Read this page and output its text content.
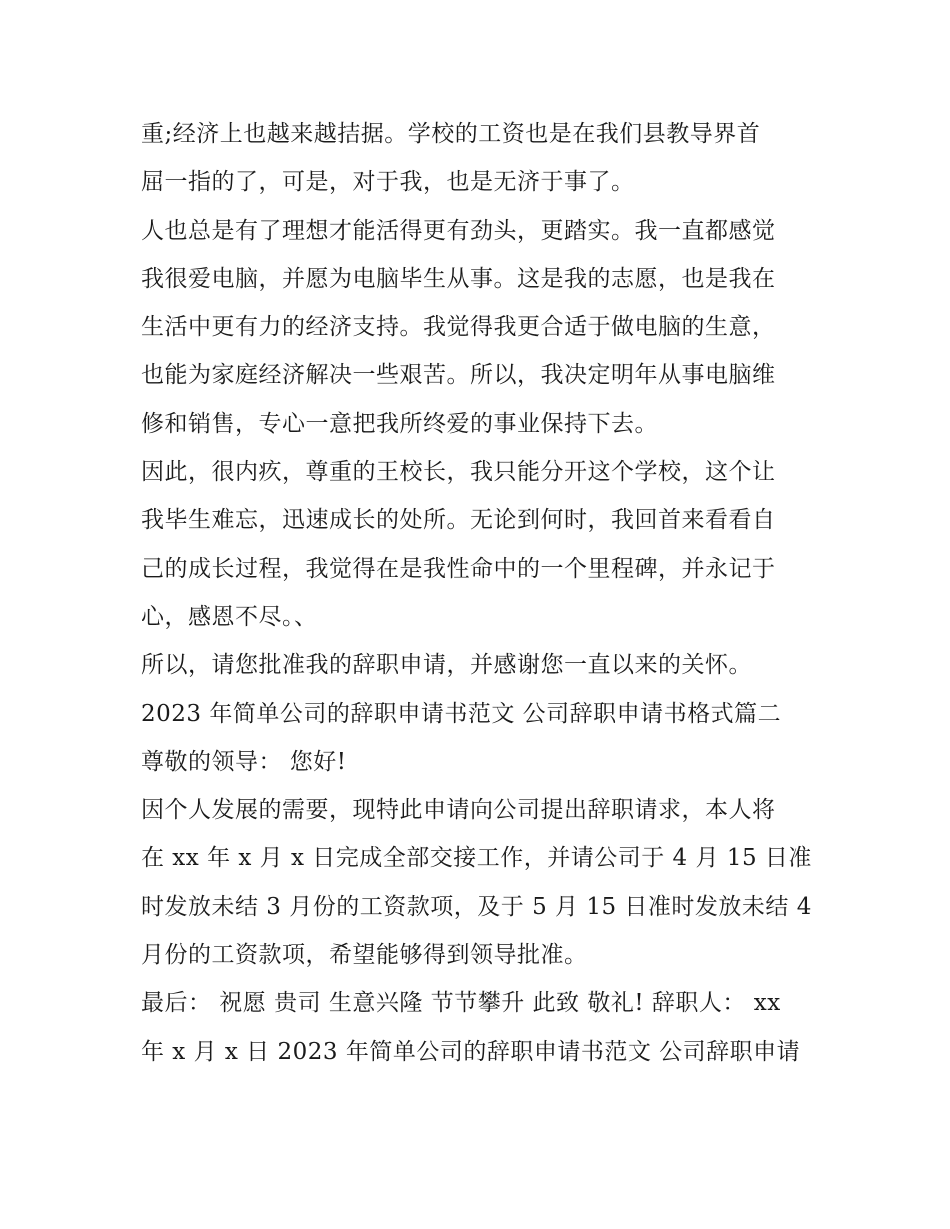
重;经济上也越来越拮据。学校的工资也是在我们县教导界首
屈一指的了，可是，对于我，也是无济于事了。
人也总是有了理想才能活得更有劲头，更踏实。我一直都感觉
我很爱电脑，并愿为电脑毕生从事。这是我的志愿，也是我在
生活中更有力的经济支持。我觉得我更合适于做电脑的生意，
也能为家庭经济解决一些艰苦。所以，我决定明年从事电脑维
修和销售，专心一意把我所终爱的事业保持下去。
因此，很内疚，尊重的王校长，我只能分开这个学校，这个让
我毕生难忘，迅速成长的处所。无论到何时，我回首来看看自
己的成长过程，我觉得在是我性命中的一个里程碑，并永记于
心，感恩不尽。、
所以，请您批准我的辞职申请，并感谢您一直以来的关怀。
2023 年简单公司的辞职申请书范文 公司辞职申请书格式篇二
尊敬的领导： 您好!
因个人发展的需要，现特此申请向公司提出辞职请求，本人将
在 xx 年 x 月 x 日完成全部交接工作，并请公司于 4 月 15 日准
时发放未结 3 月份的工资款项，及于 5 月 15 日准时发放未结 4
月份的工资款项，希望能够得到领导批准。
最后： 祝愿 贵司 生意兴隆 节节攀升 此致 敬礼! 辞职人： xx
年 x 月 x 日 2023 年简单公司的辞职申请书范文 公司辞职申请
